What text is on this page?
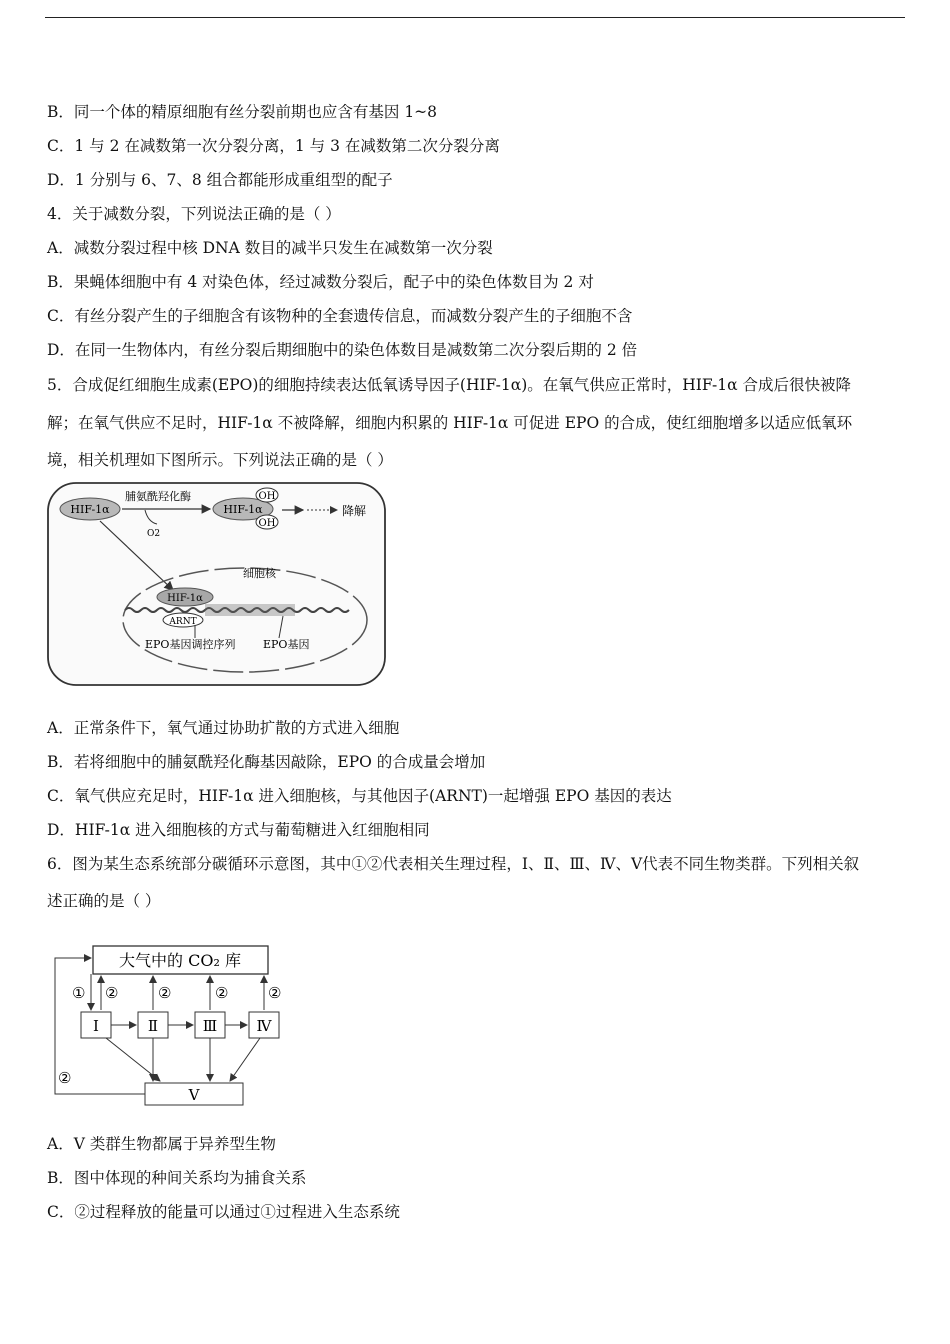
B．同一个体的精原细胞有丝分裂前期也应含有基因 1~8
C．1 与 2 在减数第一次分裂分离，1 与 3 在减数第二次分裂分离
D．1 分别与 6、7、8 组合都能形成重组型的配子
4．关于减数分裂，下列说法正确的是（ ）
A．减数分裂过程中核 DNA 数目的减半只发生在减数第一次分裂
B．果蝇体细胞中有 4 对染色体，经过减数分裂后，配子中的染色体数目为 2 对
C．有丝分裂产生的子细胞含有该物种的全套遗传信息，而减数分裂产生的子细胞不含
D．在同一生物体内，有丝分裂后期细胞中的染色体数目是减数第二次分裂后期的 2 倍
5．合成促红细胞生成素(EPO)的细胞持续表达低氧诱导因子(HIF-1α)。在氧气供应正常时，HIF-1α 合成后很快被降
解；在氧气供应不足时，HIF-1α 不被降解，细胞内积累的 HIF-1α 可促进 EPO 的合成，使红细胞增多以适应低氧环
境，相关机理如下图所示。下列说法正确的是（ ）
HIF-1α
脯氨酰羟化酶
O2
HIF-1α
OH
OH
降解
细胞核
HIF-1α
ARNT
EPO基因调控序列	EPO基因
A．正常条件下，氧气通过协助扩散的方式进入细胞
B．若将细胞中的脯氨酰羟化酶基因敲除，EPO 的合成量会增加
C．氧气供应充足时，HIF-1α 进入细胞核，与其他因子(ARNT)一起增强 EPO 基因的表达
D．HIF-1α 进入细胞核的方式与葡萄糖进入红细胞相同
6．图为某生态系统部分碳循环示意图，其中①②代表相关生理过程，Ⅰ、Ⅱ、Ⅲ、Ⅳ、Ⅴ代表不同生物类群。下列相关叙
述正确的是（ ）
大气中的 CO₂ 库
Ⅰ	Ⅱ	Ⅲ	Ⅳ
Ⅴ
① ②	②	②	②
②
A．V 类群生物都属于异养型生物
B．图中体现的种间关系均为捕食关系
C．②过程释放的能量可以通过①过程进入生态系统
